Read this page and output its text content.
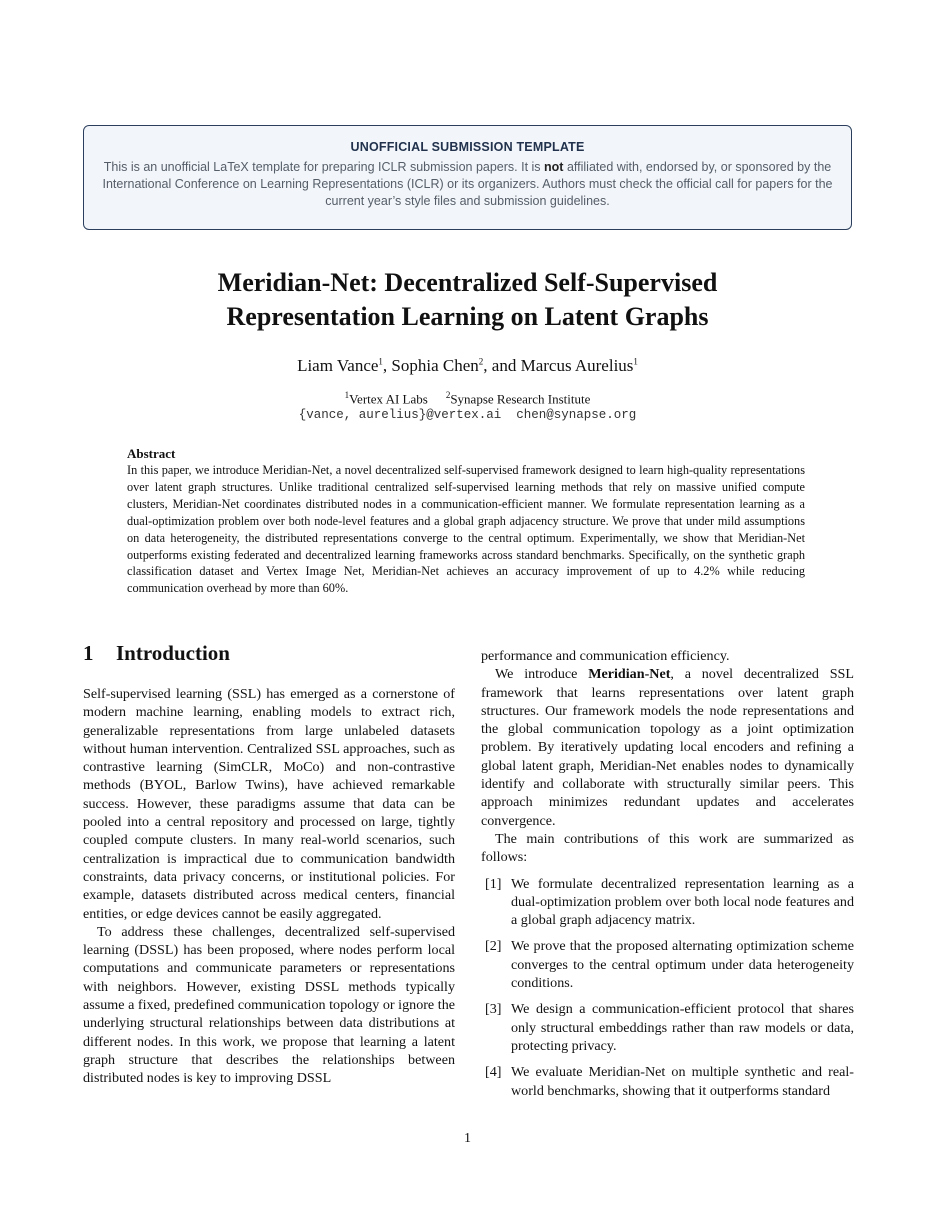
UNOFFICIAL SUBMISSION TEMPLATE
This is an unofficial LaTeX template for preparing ICLR submission papers. It is not affiliated with, endorsed by, or sponsored by the International Conference on Learning Representations (ICLR) or its organizers. Authors must check the official call for papers for the current year’s style files and submission guidelines.
Meridian-Net: Decentralized Self-Supervised
Representation Learning on Latent Graphs
Liam Vance$^1$, Sophia Chen$^2$, and Marcus Aurelius$^1$
$^1$Vertex AI Labs $^2$Synapse Research Institute
{vance, aurelius}@vertex.ai  chen@synapse.org
Abstract
In this paper, we introduce Meridian-Net, a novel decentralized self-supervised framework designed to learn high-quality representations over latent graph structures. Unlike traditional centralized self-supervised learning methods that rely on massive unified compute clusters, Meridian-Net coordinates distributed nodes in a communication-efficient manner. We formulate representation learning as a dual-optimization problem over both node-level features and a global graph adjacency structure. We prove that under mild assumptions on data heterogeneity, the distributed representations converge to the central optimum. Experimentally, we show that Meridian-Net outperforms existing federated and decentralized learning frameworks across standard benchmarks. Specifically, on the synthetic graph classification dataset and Vertex Image Net, Meridian-Net achieves an accuracy improvement of up to 4.2% while reducing communication overhead by more than 60%.
1 Introduction

Self-supervised learning (SSL) has emerged as a cornerstone of modern machine learning, enabling models to extract rich, generalizable representations from large unlabeled datasets without human intervention. Centralized SSL approaches, such as contrastive learning (SimCLR, MoCo) and non-contrastive methods (BYOL, Barlow Twins), have achieved remarkable success. However, these paradigms assume that data can be pooled into a central repository and processed on large, tightly coupled compute clusters. In many real-world scenarios, such centralization is impractical due to communication bandwidth constraints, data privacy concerns, or institutional policies. For example, datasets distributed across medical centers, financial entities, or edge devices cannot be easily aggregated.

To address these challenges, decentralized self-supervised learning (DSSL) has been proposed, where nodes perform local computations and communicate parameters or representations with neighbors. However, existing DSSL methods typically assume a fixed, predefined communication topology or ignore the underlying structural relationships between data distributions at different nodes. In this work, we propose that learning a latent graph structure that describes the relationships between distributed nodes is key to improving DSSL

performance and communication efficiency.

We introduce Meridian-Net, a novel decentralized SSL framework that learns representations over latent graph structures. Our framework models the node representations and the global communication topology as a joint optimization problem. By iteratively updating local encoders and refining a global latent graph, Meridian-Net enables nodes to dynamically identify and collaborate with structurally similar peers. This approach minimizes redundant updates and accelerates convergence.

The main contributions of this work are summarized as follows:

[1] We formulate decentralized representation learning as a dual-optimization problem over both local node features and a global graph adjacency matrix.
[2] We prove that the proposed alternating optimization scheme converges to the central optimum under data heterogeneity conditions.
[3] We design a communication-efficient protocol that shares only structural embeddings rather than raw models or data, protecting privacy.
[4] We evaluate Meridian-Net on multiple synthetic and real-world benchmarks, showing that it outperforms standard
1
